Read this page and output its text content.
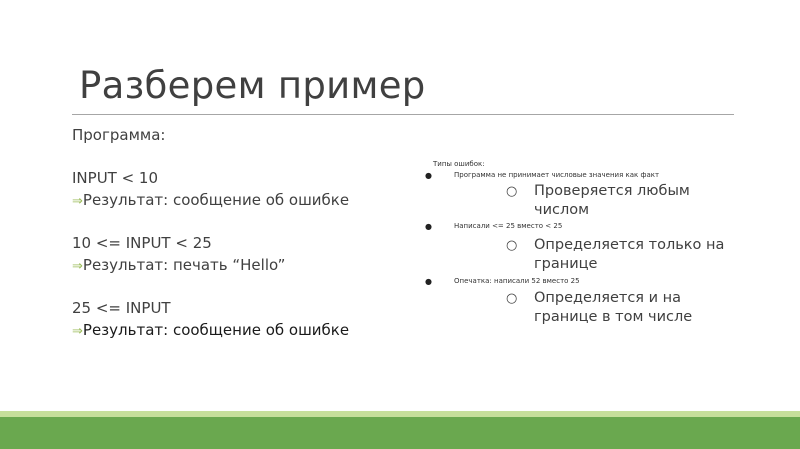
Разберем пример
Программа:
INPUT < 10
⇒Результат: сообщение об ошибке
10 <= INPUT < 25
⇒Результат: печать “Hello”
25 <= INPUT
⇒Результат: сообщение об ошибке
Типы ошибок:
●	Программа не принимает числовые значения как факт
○ Проверяется любым числом
●	Написали <= 25 вместо < 25
○ Определяется только на границе
●	Опечатка: написали 52 вместо 25
○ Определяется и на границе в том числе
